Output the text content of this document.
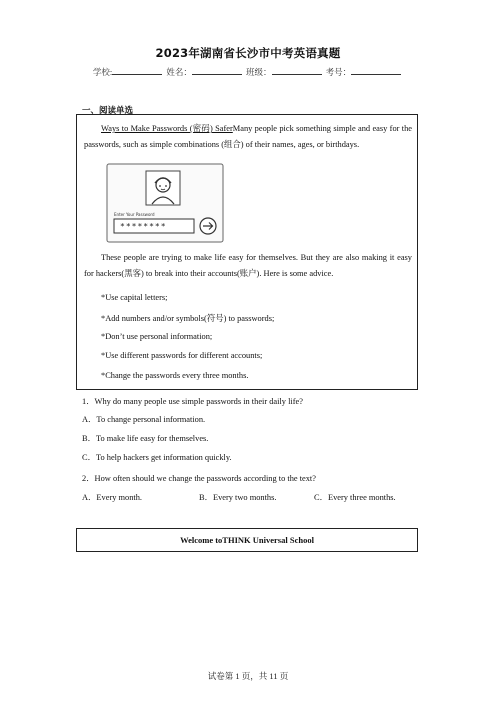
2023年湖南省长沙市中考英语真题
学校:	姓名：	班级：	考号：
一、阅读单选
Ways to Make Passwords (密码) SaferMany people pick something simple and easy for the passwords, such as simple combinations (组合) of their names, ages, or birthdays.
Enter Your Password
********
These people are trying to make life easy for themselves. But they are also making it easy for hackers(黑客) to break into their accounts(账户). Here is some advice.
*Use capital letters;
*Add numbers and/or symbols(符号) to passwords;
*Don’t use personal information;
*Use different passwords for different accounts;
*Change the passwords every three months.
1．Why do many people use simple passwords in their daily life?
A．To change personal information.
B．To make life easy for themselves.
C．To help hackers get information quickly.
2．How often should we change the passwords according to the text?
A．Every month.	B．Every two months.	C．Every three months.
Welcome toTHINK Universal School
试卷第 1 页，共 11 页
